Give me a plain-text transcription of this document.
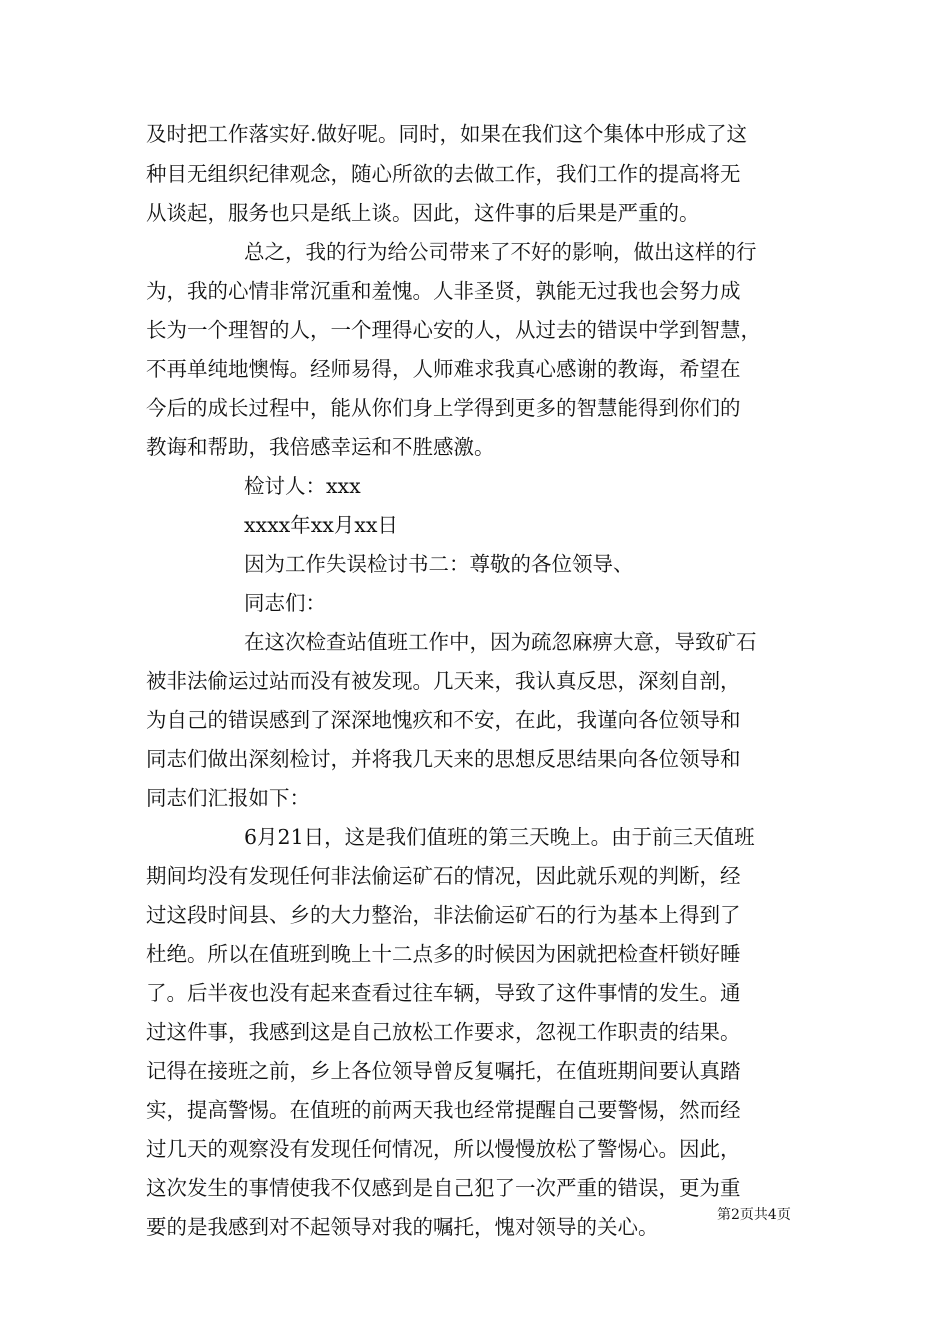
及时把工作落实好.做好呢。同时，如果在我们这个集体中形成了这
种目无组织纪律观念，随心所欲的去做工作，我们工作的提高将无
从谈起，服务也只是纸上谈。因此，这件事的后果是严重的。
总之，我的行为给公司带来了不好的影响，做出这样的行
为，我的心情非常沉重和羞愧。人非圣贤，孰能无过我也会努力成
长为一个理智的人，一个理得心安的人，从过去的错误中学到智慧，
不再单纯地懊悔。经师易得，人师难求我真心感谢的教诲，希望在
今后的成长过程中，能从你们身上学得到更多的智慧能得到你们的
教诲和帮助，我倍感幸运和不胜感激。
检讨人：xxx
xxxx年xx月xx日
因为工作失误检讨书二：尊敬的各位领导、
同志们：
在这次检查站值班工作中，因为疏忽麻痹大意，导致矿石
被非法偷运过站而没有被发现。几天来，我认真反思，深刻自剖，
为自己的错误感到了深深地愧疚和不安，在此，我谨向各位领导和
同志们做出深刻检讨，并将我几天来的思想反思结果向各位领导和
同志们汇报如下：
6月21日，这是我们值班的第三天晚上。由于前三天值班
期间均没有发现任何非法偷运矿石的情况，因此就乐观的判断，经
过这段时间县、乡的大力整治，非法偷运矿石的行为基本上得到了
杜绝。所以在值班到晚上十二点多的时候因为困就把检查杆锁好睡
了。后半夜也没有起来查看过往车辆，导致了这件事情的发生。通
过这件事，我感到这是自己放松工作要求，忽视工作职责的结果。
记得在接班之前，乡上各位领导曾反复嘱托，在值班期间要认真踏
实，提高警惕。在值班的前两天我也经常提醒自己要警惕，然而经
过几天的观察没有发现任何情况，所以慢慢放松了警惕心。因此，
这次发生的事情使我不仅感到是自己犯了一次严重的错误，更为重
要的是我感到对不起领导对我的嘱托，愧对领导的关心。	第2页共4页
